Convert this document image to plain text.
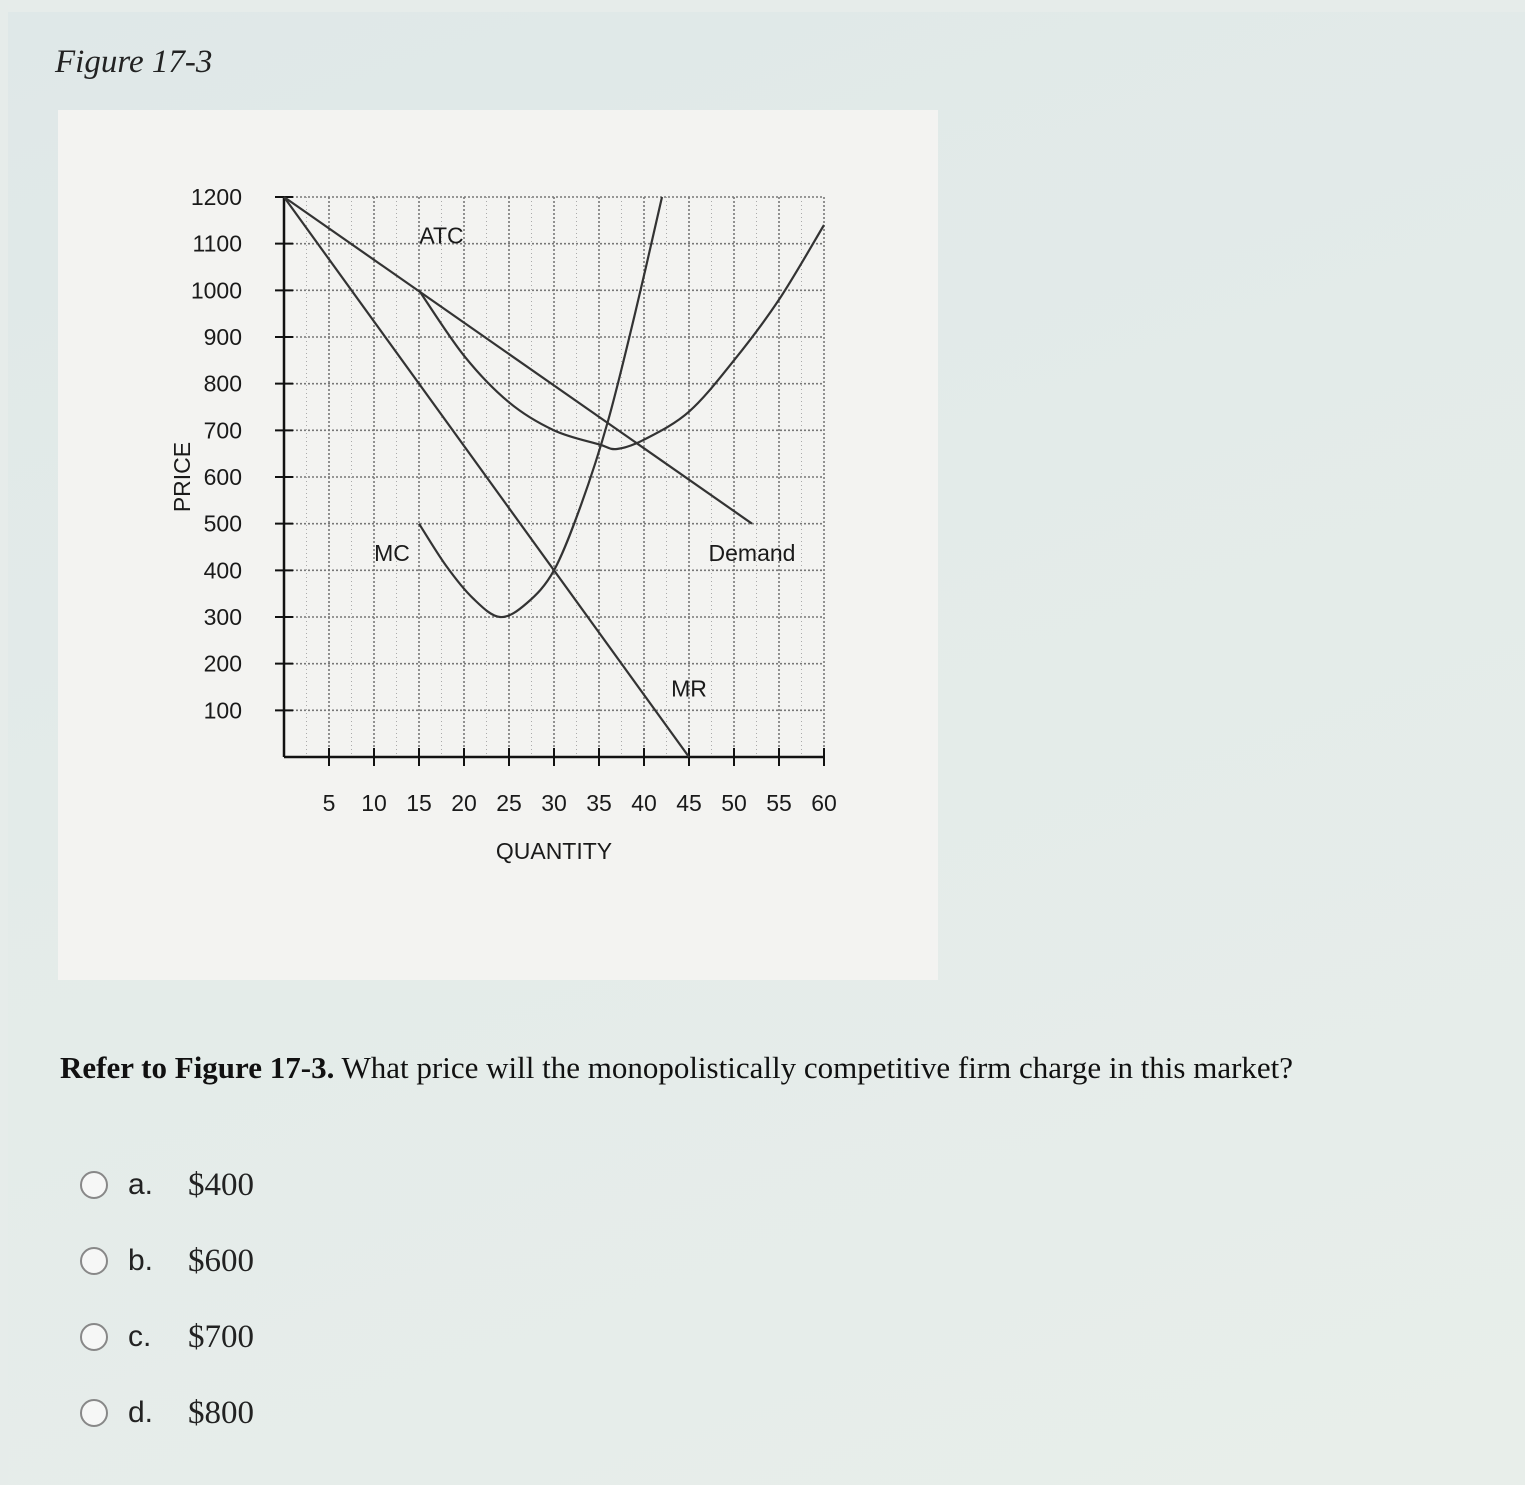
Figure 17-3
5 10 15 20 25 30 35 40 45 50 55 60
100
200
300
400
500
600
700
800
900
1000
1100
1200
ATC
MC	Demand
MR
PRICE
QUANTITY
Refer to Figure 17-3. What price will the monopolistically competitive firm charge in this market?
a.	$400
b.	$600
c.	$700
d.	$800
